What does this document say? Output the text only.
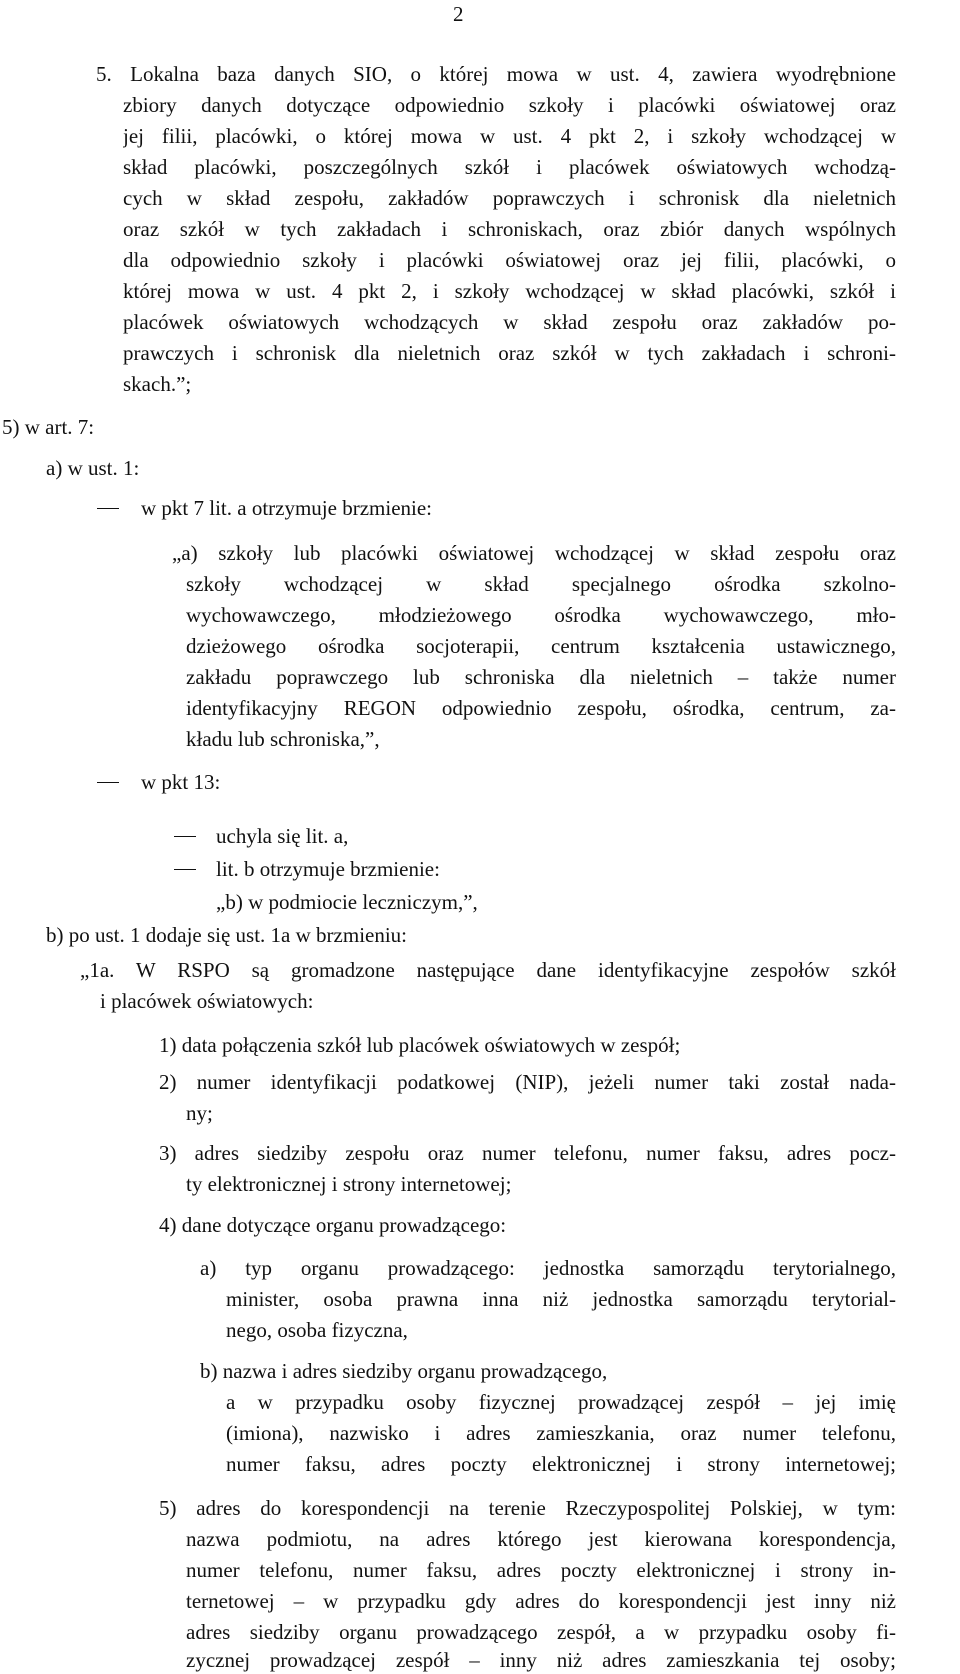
2
5. Lokalna baza danych SIO, o której mowa w ust. 4, zawiera wyodrębnione
zbiory danych dotyczące odpowiednio szkoły i placówki oświatowej oraz
jej filii, placówki, o której mowa w ust. 4 pkt 2, i szkoły wchodzącej w
skład placówki, poszczególnych szkół i placówek oświatowych wchodzą-
cych w skład zespołu, zakładów poprawczych i schronisk dla nieletnich
oraz szkół w tych zakładach i schroniskach, oraz zbiór danych wspólnych
dla odpowiednio szkoły i placówki oświatowej oraz jej filii, placówki, o
której mowa w ust. 4 pkt 2, i szkoły wchodzącej w skład placówki, szkół i
placówek oświatowych wchodzących w skład zespołu oraz zakładów po-
prawczych i schronisk dla nieletnich oraz szkół w tych zakładach i schroni-
skach.”;
5) w art. 7:
a) w ust. 1:
w pkt 7 lit. a otrzymuje brzmienie:
„a) szkoły lub placówki oświatowej wchodzącej w skład zespołu oraz
szkoły wchodzącej w skład specjalnego ośrodka szkolno-
wychowawczego, młodzieżowego ośrodka wychowawczego, mło-
dzieżowego ośrodka socjoterapii, centrum kształcenia ustawicznego,
zakładu poprawczego lub schroniska dla nieletnich – także numer
identyfikacyjny REGON odpowiednio zespołu, ośrodka, centrum, za-
kładu lub schroniska,”,
w pkt 13:
uchyla się lit. a,
lit. b otrzymuje brzmienie:
„b) w podmiocie leczniczym,”,
b) po ust. 1 dodaje się ust. 1a w brzmieniu:
„1a. W RSPO są gromadzone następujące dane identyfikacyjne zespołów szkół
i placówek oświatowych:
1) data połączenia szkół lub placówek oświatowych w zespół;
2) numer identyfikacji podatkowej (NIP), jeżeli numer taki został nada-
ny;
3) adres siedziby zespołu oraz numer telefonu, numer faksu, adres pocz-
ty elektronicznej i strony internetowej;
4) dane dotyczące organu prowadzącego:
a) typ organu prowadzącego: jednostka samorządu terytorialnego,
minister, osoba prawna inna niż jednostka samorządu terytorial-
nego, osoba fizyczna,
b) nazwa i adres siedziby organu prowadzącego,
a w przypadku osoby fizycznej prowadzącej zespół – jej imię
(imiona), nazwisko i adres zamieszkania, oraz numer telefonu,
numer faksu, adres poczty elektronicznej i strony internetowej;
5) adres do korespondencji na terenie Rzeczypospolitej Polskiej, w tym:
nazwa podmiotu, na adres którego jest kierowana korespondencja,
numer telefonu, numer faksu, adres poczty elektronicznej i strony in-
ternetowej – w przypadku gdy adres do korespondencji jest inny niż
adres siedziby organu prowadzącego zespół, a w przypadku osoby fi-
zycznej prowadzącej zespół – inny niż adres zamieszkania tej osoby;
